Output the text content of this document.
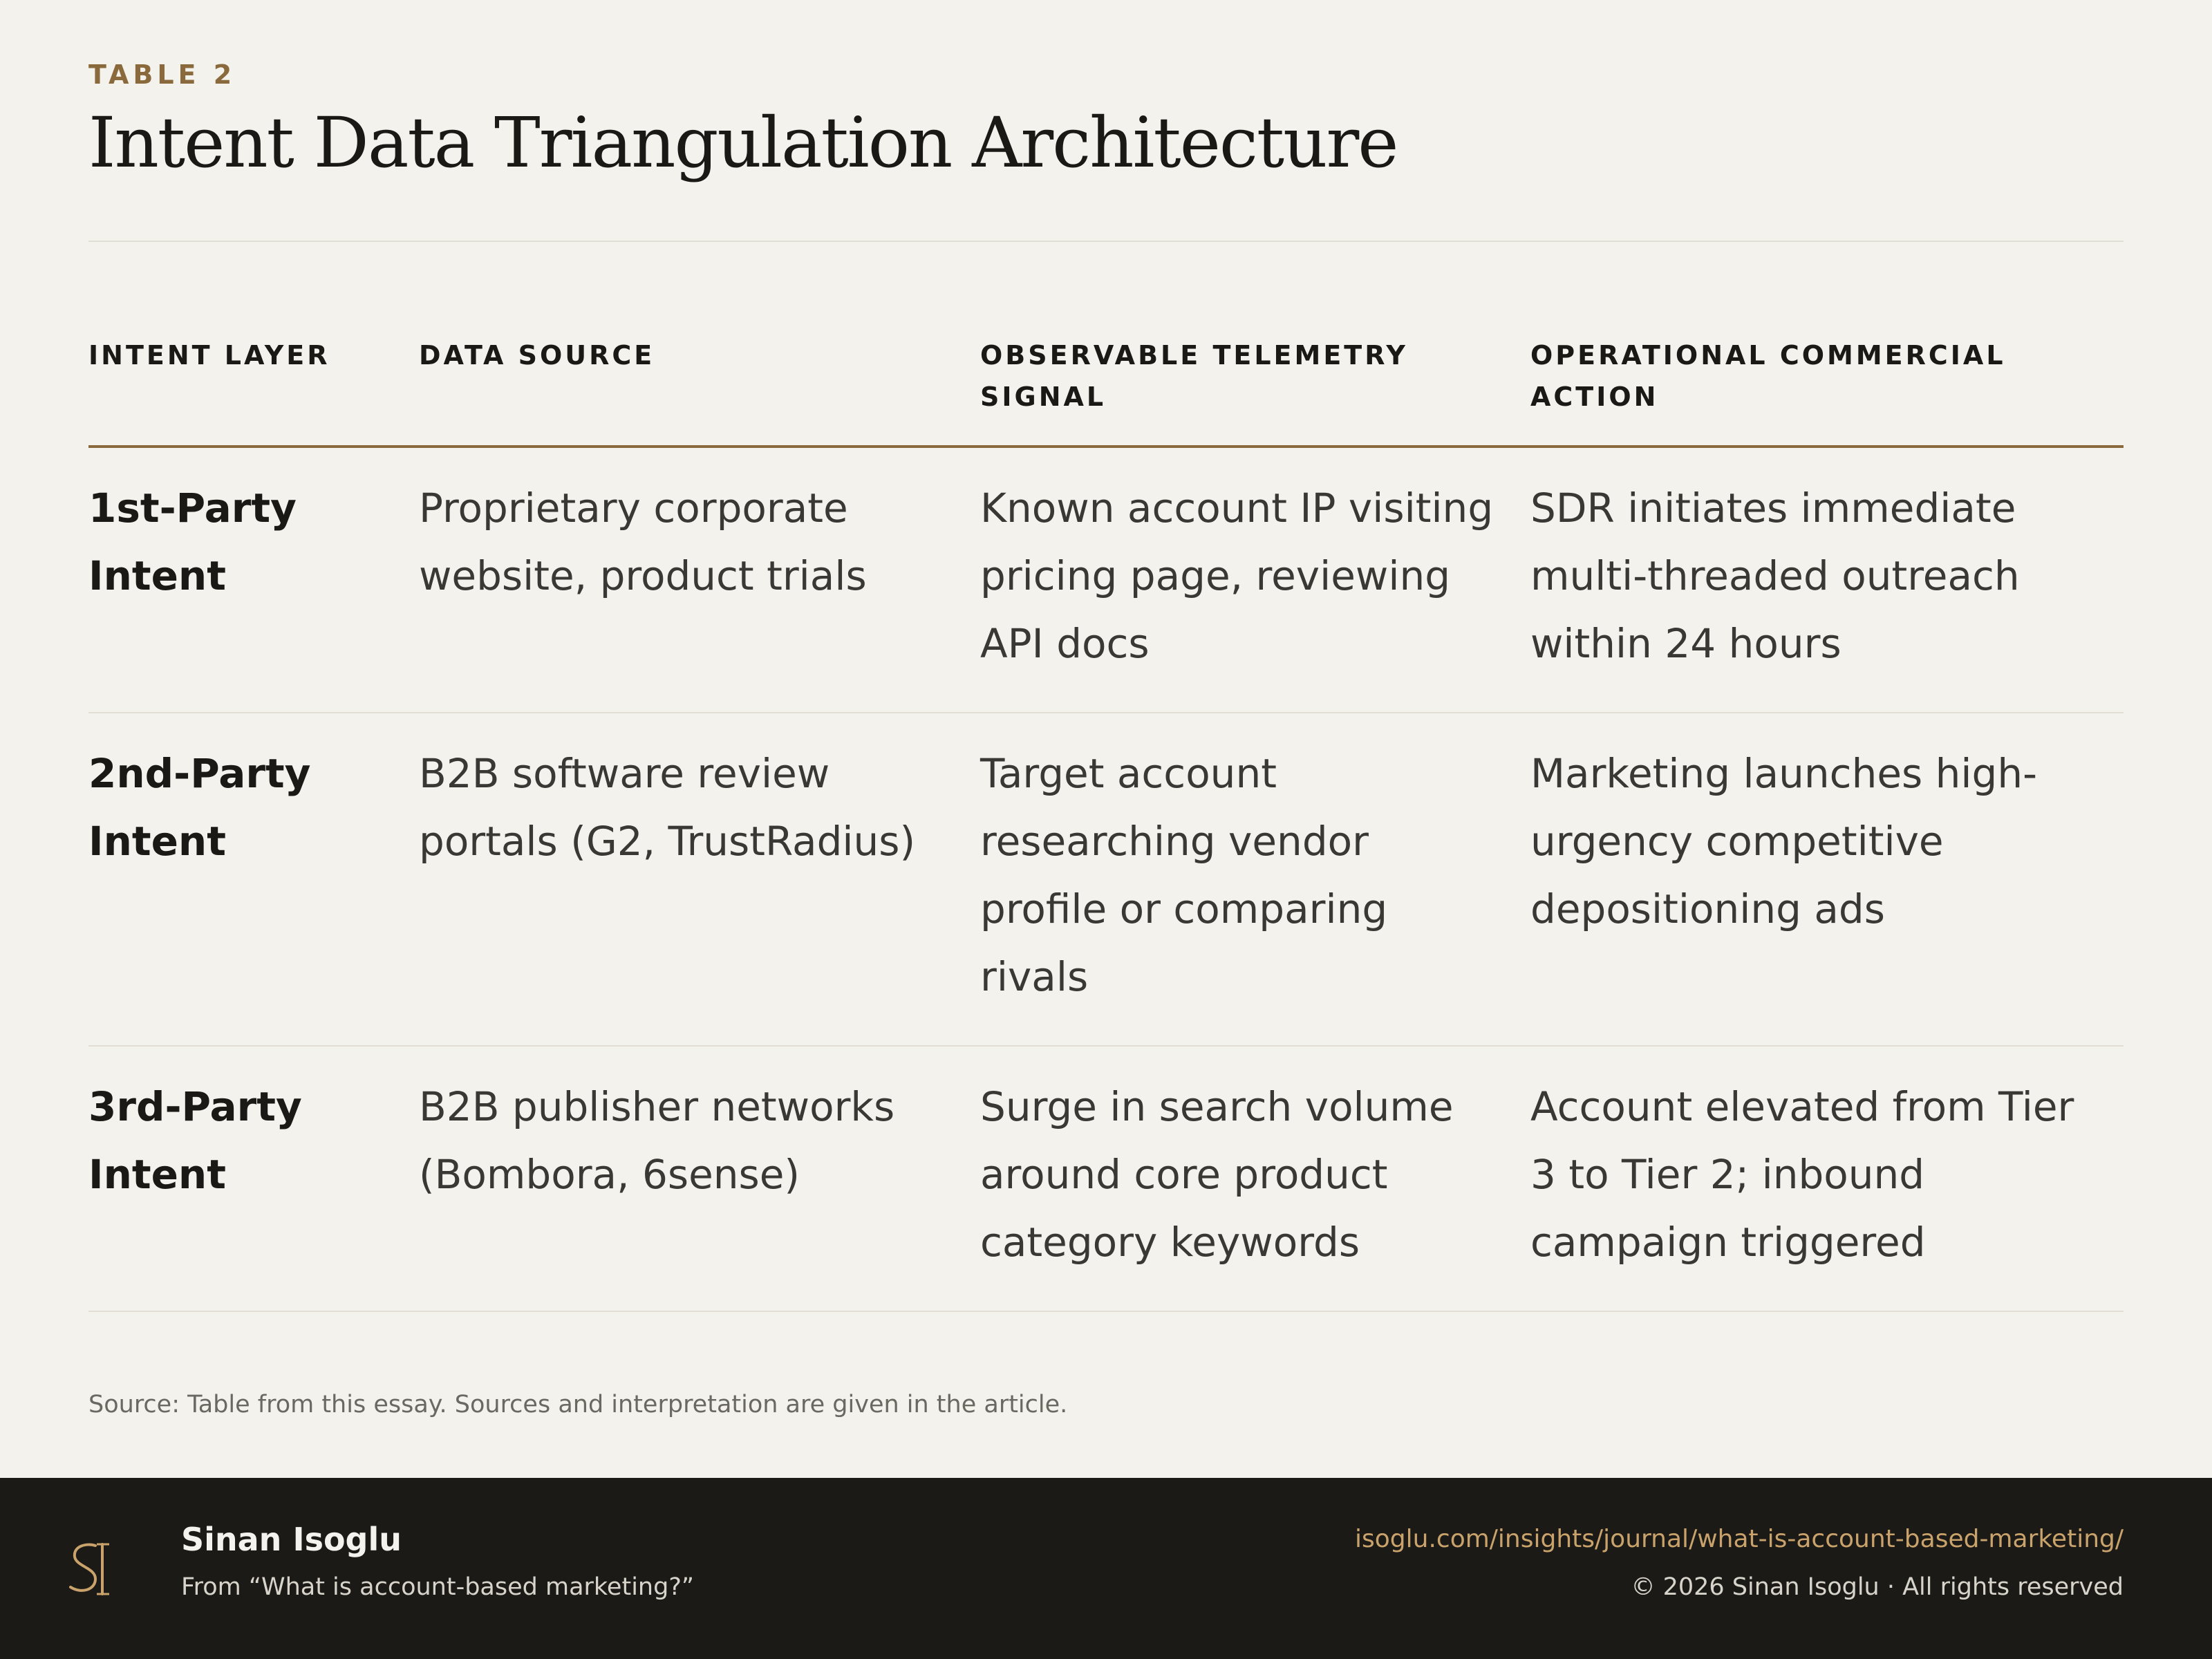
TABLE 2
Intent Data Triangulation Architecture
INTENT LAYER	DATA SOURCE	OBSERVABLE TELEMETRY SIGNAL	OPERATIONAL COMMERCIAL ACTION
1st-Party Intent	Proprietary corporate website, product trials	Known account IP visiting pricing page, reviewing API docs	SDR initiates immediate multi-threaded outreach within 24 hours
2nd-Party Intent	B2B software review portals (G2, TrustRadius)	Target account researching vendor profile or comparing rivals	Marketing launches high-urgency competitive depositioning ads
3rd-Party Intent	B2B publisher networks (Bombora, 6sense)	Surge in search volume around core product category keywords	Account elevated from Tier 3 to Tier 2; inbound campaign triggered
Source: Table from this essay. Sources and interpretation are given in the article.
Sinan Isoglu
From “What is account-based marketing?”
isoglu.com/insights/journal/what-is-account-based-marketing/
© 2026 Sinan Isoglu · All rights reserved
